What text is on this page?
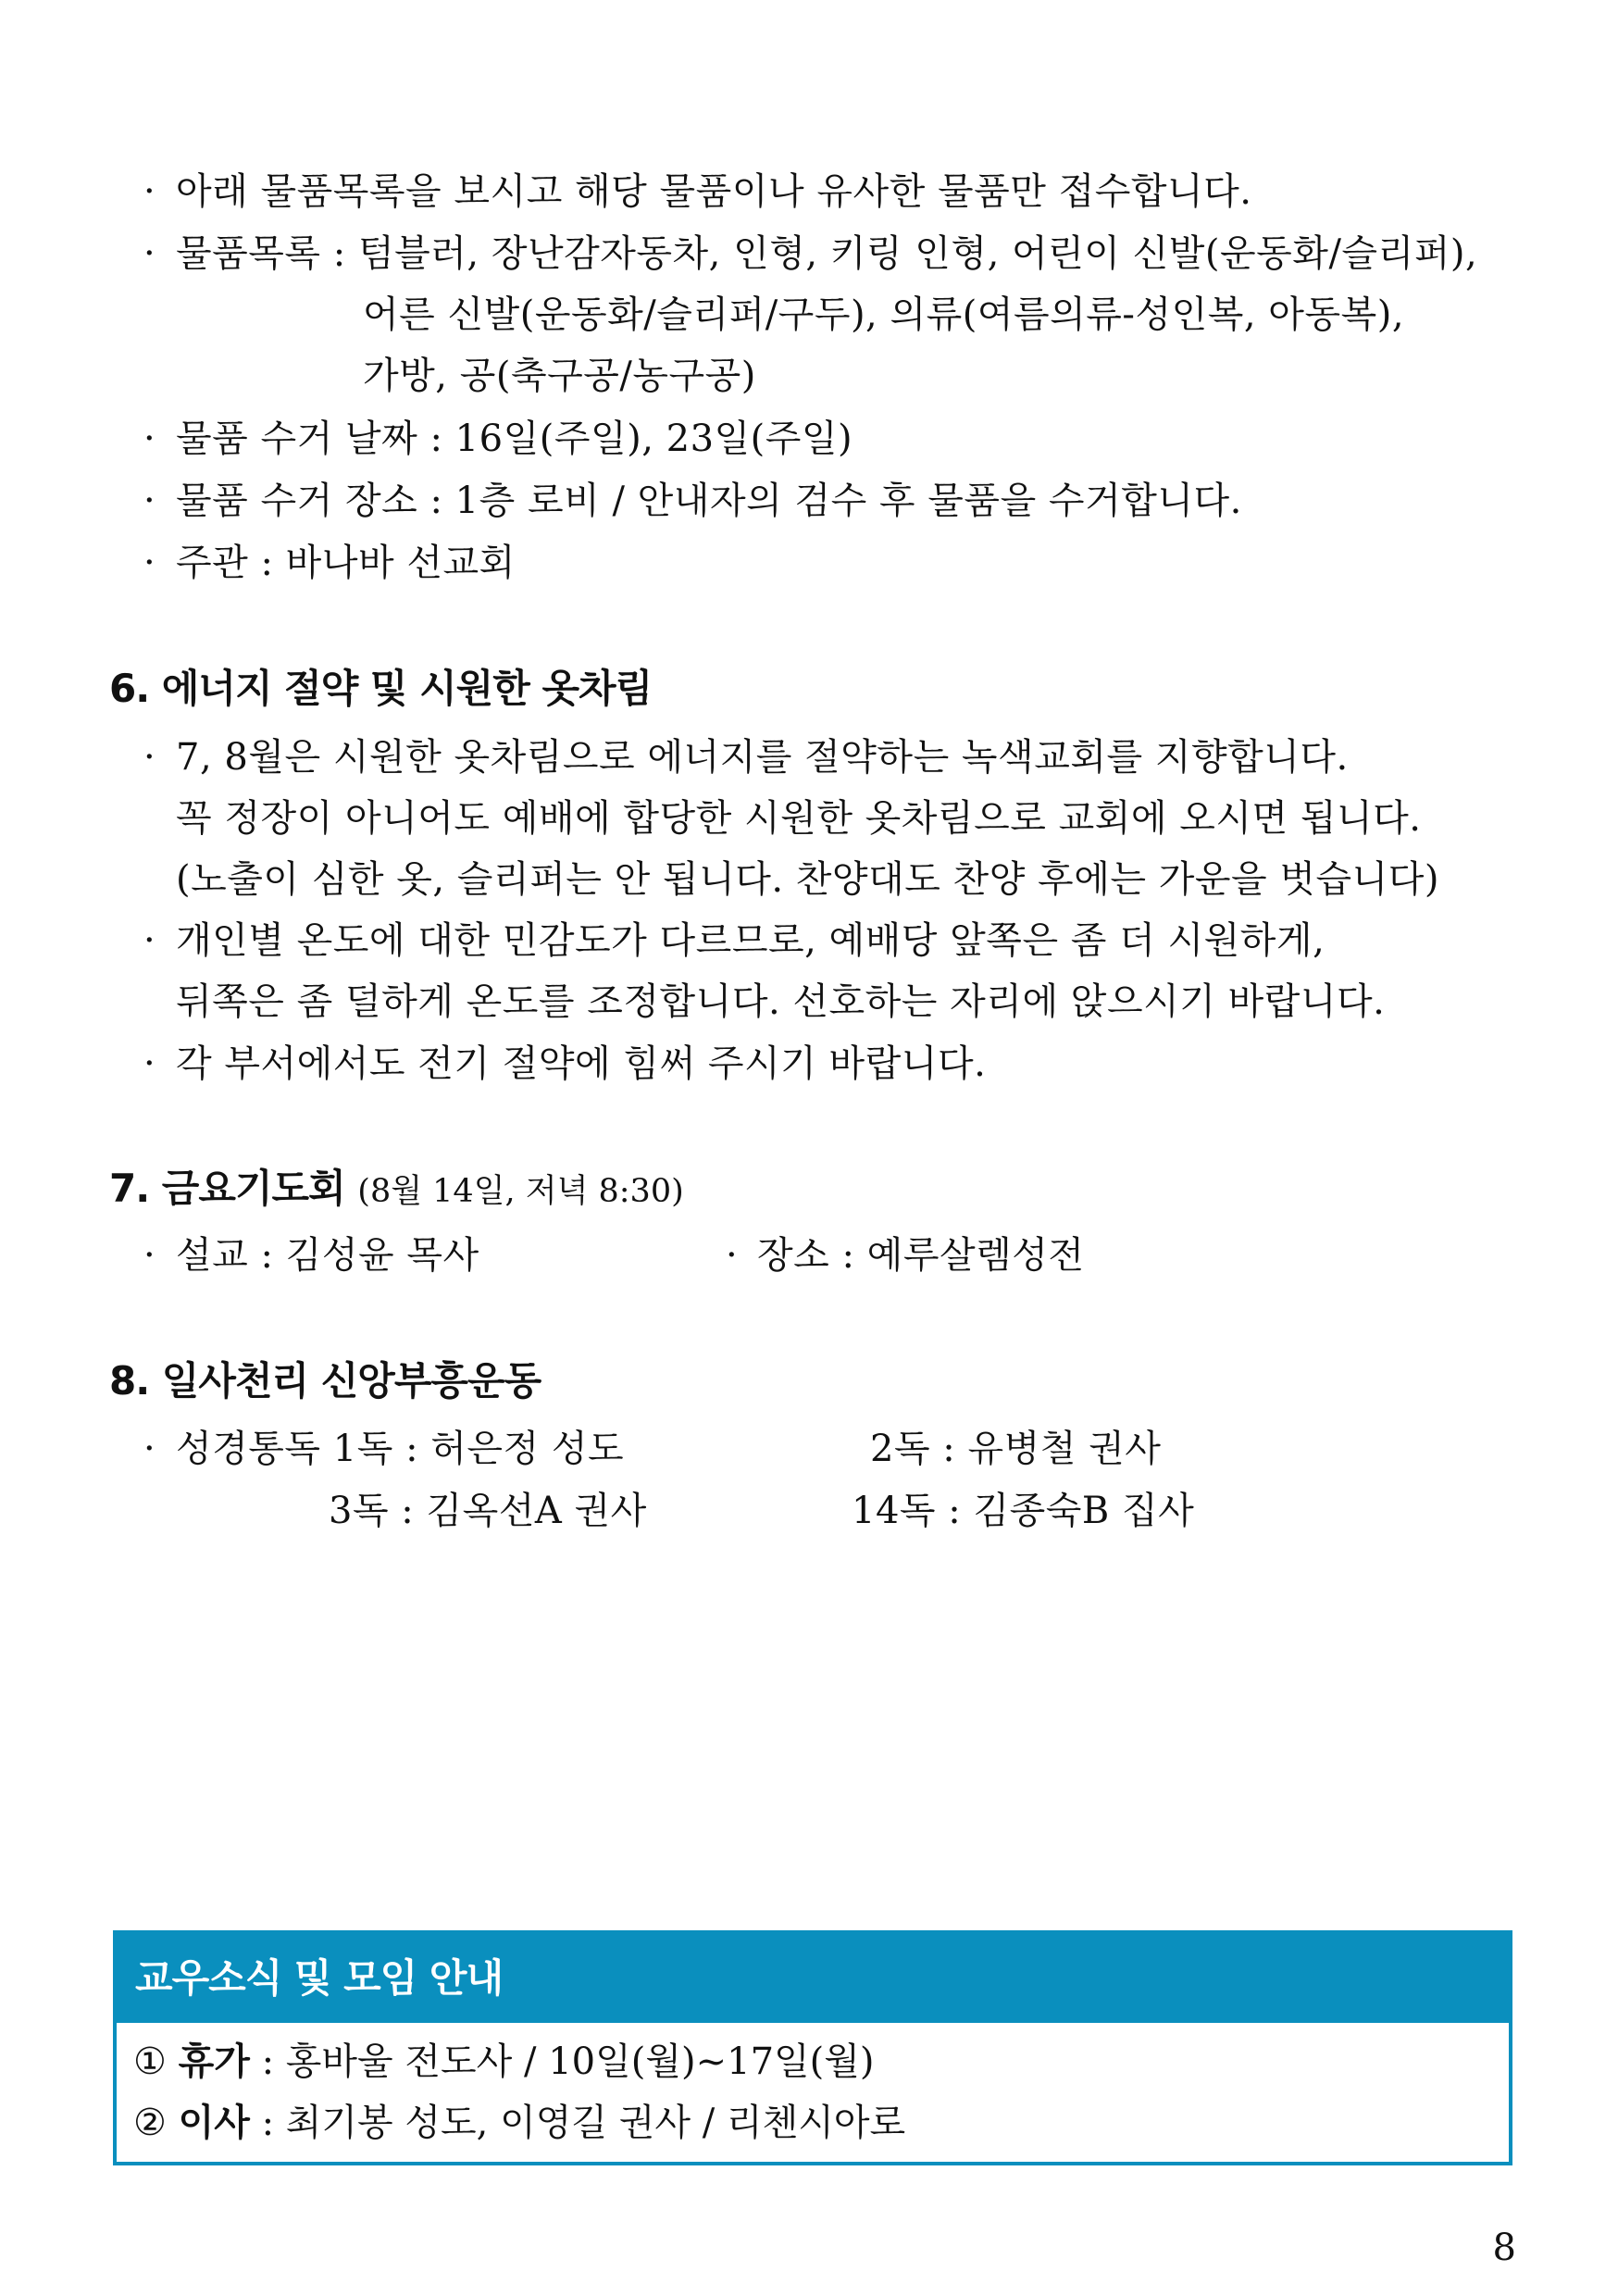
· 아래 물품목록을 보시고 해당 물품이나 유사한 물품만 접수합니다.
· 물품목록 : 텀블러, 장난감자동차, 인형, 키링 인형, 어린이 신발(운동화/슬리퍼),
어른 신발(운동화/슬리퍼/구두), 의류(여름의류-성인복, 아동복),
가방, 공(축구공/농구공)
· 물품 수거 날짜 : 16일(주일), 23일(주일)
· 물품 수거 장소 : 1층 로비 / 안내자의 검수 후 물품을 수거합니다.
· 주관 : 바나바 선교회
6. 에너지 절약 및 시원한 옷차림
· 7, 8월은 시원한 옷차림으로 에너지를 절약하는 녹색교회를 지향합니다.
꼭 정장이 아니어도 예배에 합당한 시원한 옷차림으로 교회에 오시면 됩니다.
(노출이 심한 옷, 슬리퍼는 안 됩니다. 찬양대도 찬양 후에는 가운을 벗습니다)
· 개인별 온도에 대한 민감도가 다르므로, 예배당 앞쪽은 좀 더 시원하게,
뒤쪽은 좀 덜하게 온도를 조정합니다. 선호하는 자리에 앉으시기 바랍니다.
· 각 부서에서도 전기 절약에 힘써 주시기 바랍니다.
7. 금요기도회 (8월 14일, 저녁 8:30)
· 설교 : 김성윤 목사	· 장소 : 예루살렘성전
8. 일사천리 신앙부흥운동
· 성경통독 1독 : 허은정 성도	2독 : 유병철 권사
3독 : 김옥선A 권사	14독 : 김종숙B 집사
교우소식 및 모임 안내
① 휴가 : 홍바울 전도사 / 10일(월)~17일(월)
② 이사 : 최기봉 성도, 이영길 권사 / 리첸시아로
8
